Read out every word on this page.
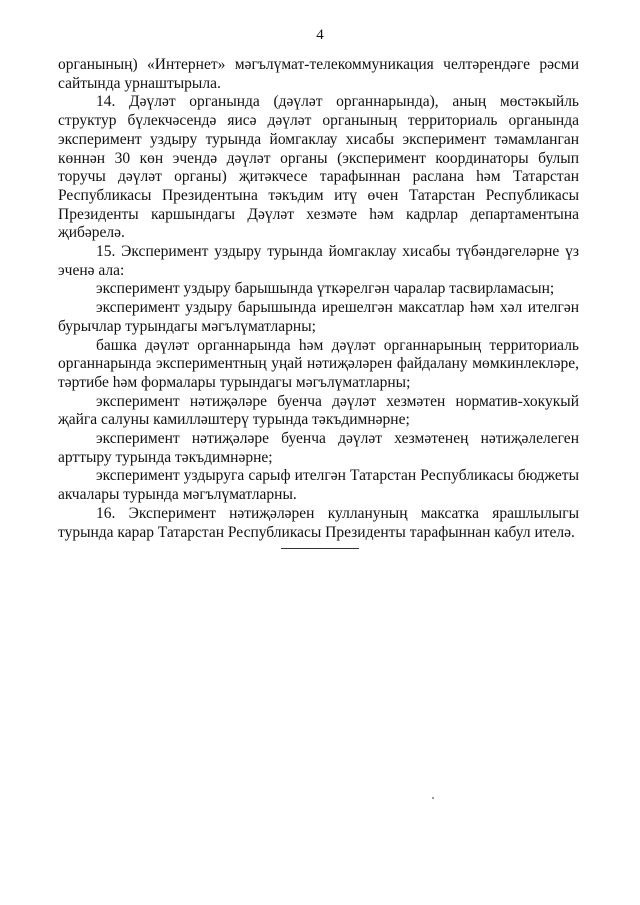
4

органының) «Интернет» мәгълүмат-телекоммуникация челтәрендәге рәсми сайтында урнаштырыла.

14. Дәүләт органында (дәүләт органнарында), аның мөстәкыйль структур бүлекчәсендә яисә дәүләт органының территориаль органында эксперимент уздыру турында йомгаклау хисабы эксперимент тәмамланган көннән 30 көн эчендә дәүләт органы (эксперимент координаторы булып торучы дәүләт органы) җитәкчесе тарафыннан раслана һәм Татарстан Республикасы Президентына тәкъдим итү өчен Татарстан Республикасы Президенты каршындагы Дәүләт хезмәте һәм кадрлар департаментына җибәрелә.

15. Эксперимент уздыру турында йомгаклау хисабы түбәндәгеләрне үз эченә ала:

эксперимент уздыру барышында үткәрелгән чаралар тасвирламасын;

эксперимент уздыру барышында ирешелгән максатлар һәм хәл ителгән бурычлар турындагы мәгълүматларны;

башка дәүләт органнарында һәм дәүләт органнарының территориаль органнарында экспериментның уңай нәтиҗәләрен файдалану мөмкинлекләре, тәртибе һәм формалары турындагы мәгълүматларны;

эксперимент нәтиҗәләре буенча дәүләт хезмәтен норматив-хокукый җайга салуны камилләштерү турында тәкъдимнәрне;

эксперимент нәтиҗәләре буенча дәүләт хезмәтенең нәтиҗәлелеген арттыру турында тәкъдимнәрне;

эксперимент уздыруга сарыф ителгән Татарстан Республикасы бюджеты акчалары турында мәгълүматларны.

16. Эксперимент нәтиҗәләрен куллануның максатка ярашлылыгы турында карар Татарстан Республикасы Президенты тарафыннан кабул ителә.
